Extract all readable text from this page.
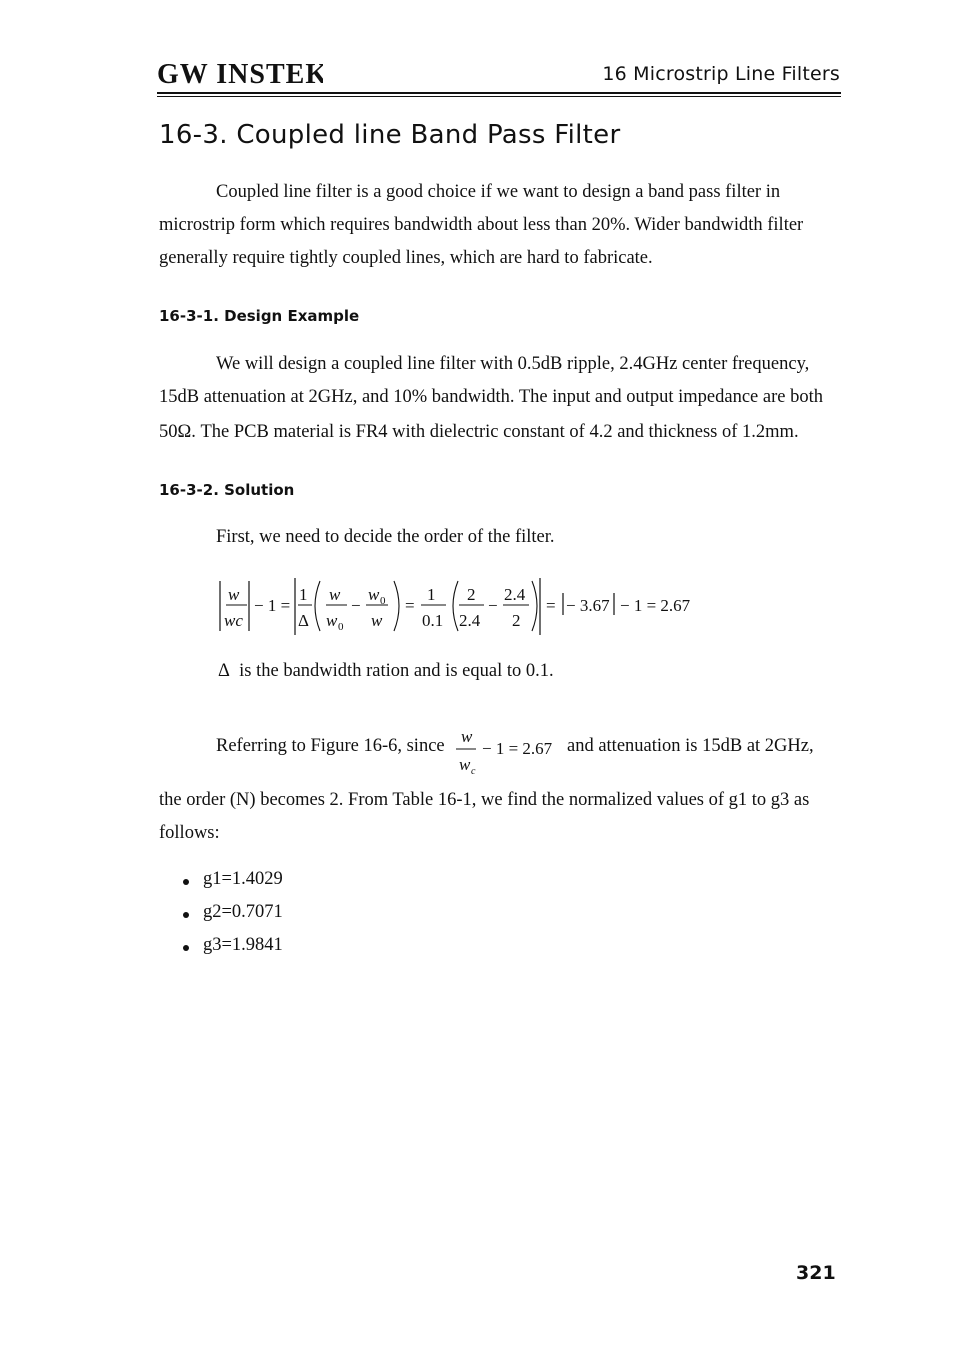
GW INSTEK	16 Microstrip Line Filters
16-3. Coupled line Band Pass Filter
Coupled line filter is a good choice if we want to design a band pass filter in
microstrip form which requires bandwidth about less than 20%. Wider bandwidth filter
generally require tightly coupled lines, which are hard to fabricate.
16-3-1. Design Example
We will design a coupled line filter with 0.5dB ripple, 2.4GHz center frequency,
15dB attenuation at 2GHz, and 10% bandwidth. The input and output impedance are both
50Ω. The PCB material is FR4 with dielectric constant of 4.2 and thickness of 1.2mm.
16-3-2. Solution
First, we need to decide the order of the filter.
w
wc
− 1 =
1
Δ
w
w 0
−
w 0
w
=
1
0.1
2
2.4
−
2.4
2
= − 3.67 − 1 = 2.67
Δ is the bandwidth ration and is equal to 0.1.
Referring to Figure 16-6, since w
w c
− 1 = 2.67 and attenuation is 15dB at 2GHz,
the order (N) becomes 2. From Table 16-1, we find the normalized values of g1 to g3 as
follows:
g1=1.4029
g2=0.7071
g3=1.9841
321
